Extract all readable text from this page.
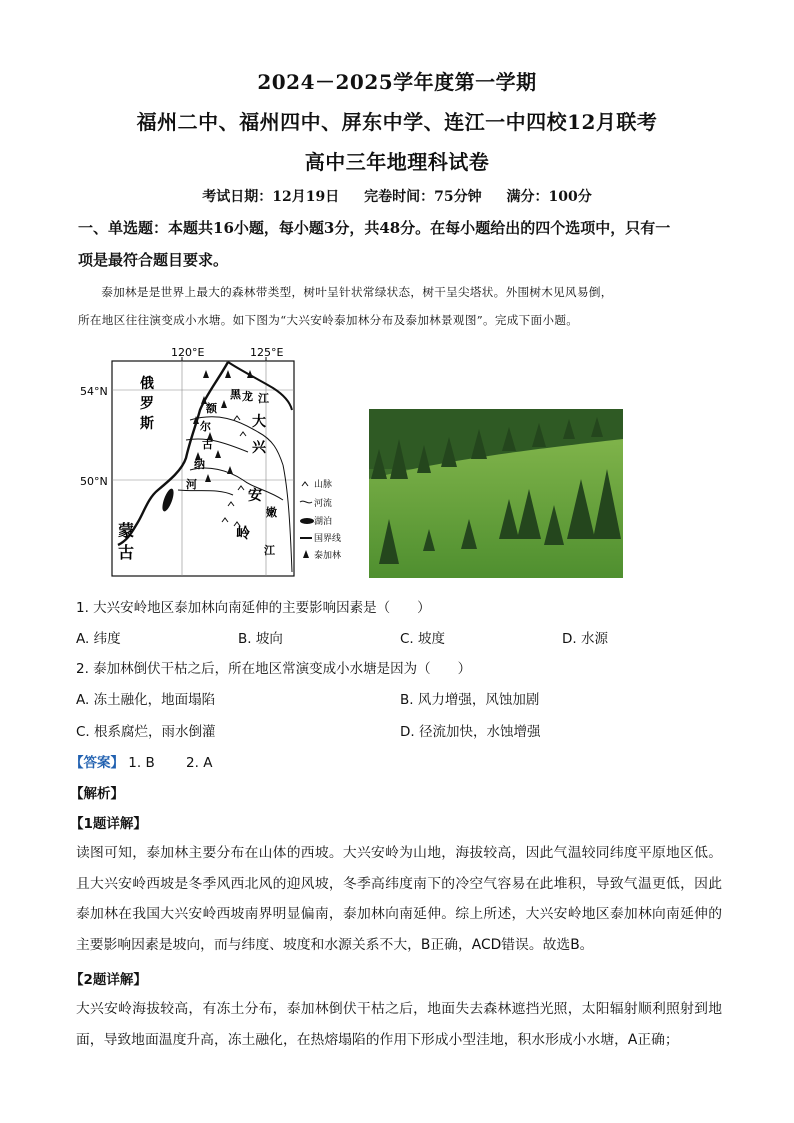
2024－2025学年度第一学期
福州二中、福州四中、屏东中学、连江一中四校12月联考
高中三年地理科试卷
考试日期：12月19日 完卷时间：75分钟 满分：100分
一、单选题：本题共16小题，每小题3分，共48分。在每小题给出的四个选项中，只有一
项是最符合题目要求。
泰加林是是世界上最大的森林带类型，树叶呈针状常绿状态，树干呈尖塔状。外围树木见风易倒，
所在地区往往演变成小水塘。如下图为“大兴安岭泰加林分布及泰加林景观图”。完成下面小题。
120°E	125°E
54°N
50°N
俄
罗
斯
黑 龙 江
额
尔
古
纳
河
大
兴
安
岭
嫩
江
蒙
古
山脉
河流
湖泊
国界线
泰加林
1. 大兴安岭地区泰加林向南延伸的主要影响因素是（　　）
A. 纬度	B. 坡向	C. 坡度	D. 水源
2. 泰加林倒伏干枯之后，所在地区常演变成小水塘是因为（　　）
A. 冻土融化，地面塌陷	B. 风力增强，风蚀加剧
C. 根系腐烂，雨水倒灌	D. 径流加快，水蚀增强
【答案】 1. B　　 2. A
【解析】
【1题详解】
读图可知，泰加林主要分布在山体的西坡。大兴安岭为山地，海拔较高，因此气温较同纬度平原地区低。且大兴安岭西坡是冬季风西北风的迎风坡，冬季高纬度南下的冷空气容易在此堆积，导致气温更低，因此泰加林在我国大兴安岭西坡南界明显偏南，泰加林向南延伸。综上所述，大兴安岭地区泰加林向南延伸的主要影响因素是坡向，而与纬度、坡度和水源关系不大，B正确，ACD错误。故选B。
【2题详解】
大兴安岭海拔较高，有冻土分布，泰加林倒伏干枯之后，地面失去森林遮挡光照，太阳辐射顺利照射到地面，导致地面温度升高，冻土融化，在热熔塌陷的作用下形成小型洼地，积水形成小水塘，A正确；
